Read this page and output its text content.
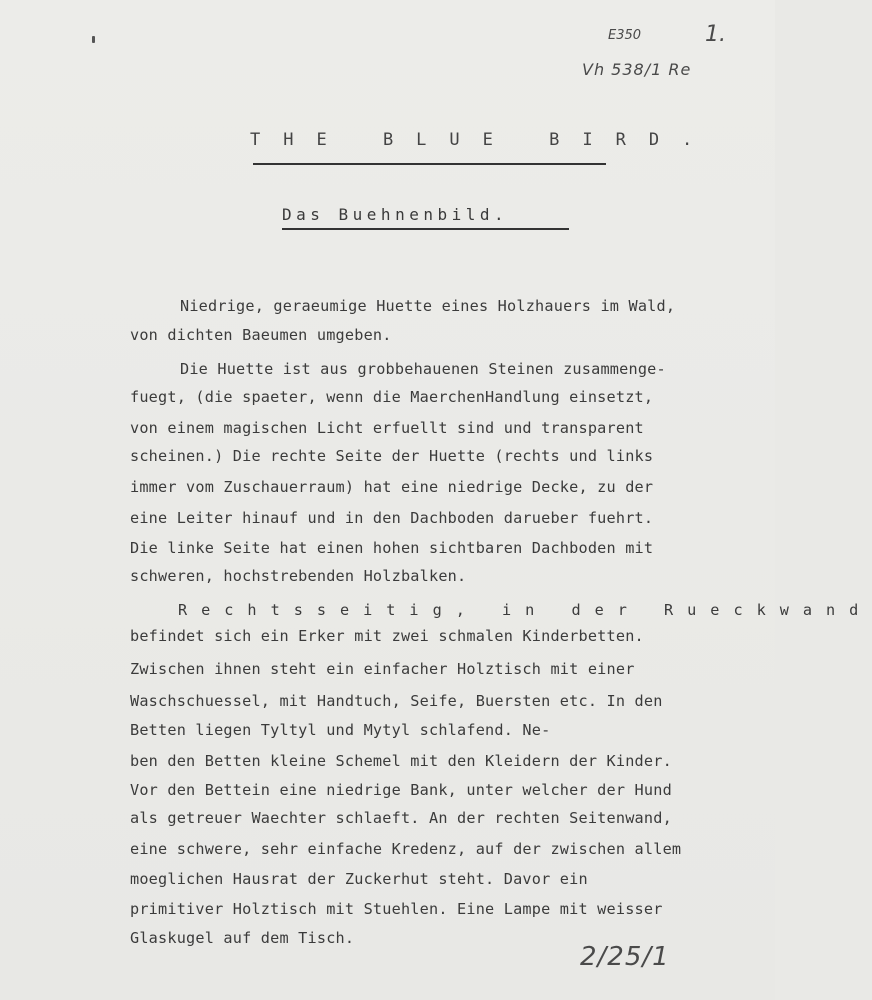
E350	1.
Vh 538/1 Re
THE BLUE BIRD.
Das Buehnenbild.
Niedrige, geraeumige Huette eines Holzhauers im Wald,
von dichten Baeumen umgeben.
Die Huette ist aus grobbehauenen Steinen zusammenge-
fuegt, (die spaeter, wenn die MaerchenHandlung einsetzt,
von einem magischen Licht erfuellt sind und transparent
scheinen.) Die rechte Seite der Huette (rechts und links
immer vom Zuschauerraum) hat eine niedrige Decke, zu der
eine Leiter hinauf und in den Dachboden darueber fuehrt.
Die linke Seite hat einen hohen sichtbaren Dachboden mit
schweren, hochstrebenden Holzbalken.
Rechtsseitig, in der Rueckwand
befindet sich ein Erker mit zwei schmalen Kinderbetten.
Zwischen ihnen steht ein einfacher Holztisch mit einer
Waschschuessel, mit Handtuch, Seife, Buersten etc. In den
Betten liegen Tyltyl und Mytyl schlafend. Ne-
ben den Betten kleine Schemel mit den Kleidern der Kinder.
Vor den Bettein eine niedrige Bank, unter welcher der Hund
als getreuer Waechter schlaeft. An der rechten Seitenwand,
eine schwere, sehr einfache Kredenz, auf der zwischen allem
moeglichen Hausrat der Zuckerhut steht. Davor ein
primitiver Holztisch mit Stuehlen. Eine Lampe mit weisser
Glaskugel auf dem Tisch.
2/25/1
